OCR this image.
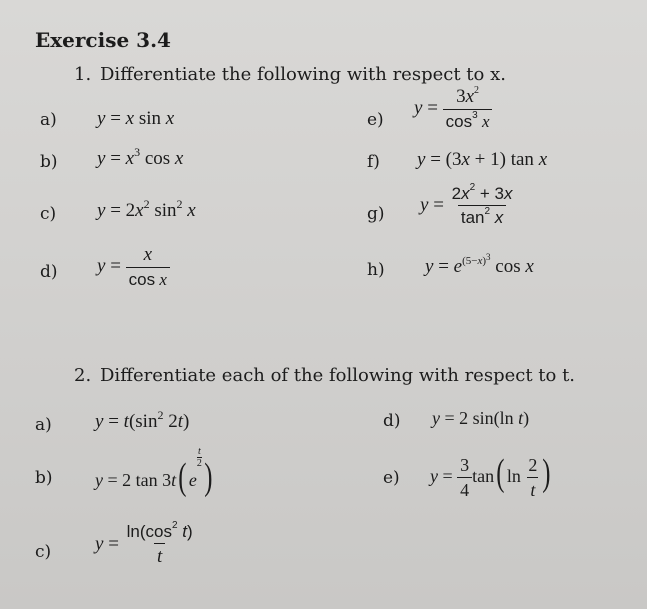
Exercise 3.4
1. Differentiate the following with respect to x.
a) y = x sin x
b) $y = x^3$ cos x
c) $y = 2x^2$ $\sin^2 x$
d) $y = \frac{x}{\text{cos x}}$
e)
$y = \frac{3x^2}{\cos^3 x}$
f) y = (3x + 1) tan x
g) $y = \frac{2x^2 + 3x}{\tan^2 x}$
h) $y = e^{(5-x)^3}$ cos x
2. Differentiate each of the following with respect to t.
a) $y = t(\sin^2$ 2t)
b) y = 2 tan 3t( e
$\frac{t}{2}$ )
c) $y = \frac{\ln(\cos^2 t)}{t}$
d) y = 2 sin(ln t)
e) $y = \frac{3}{4} \tan$( $\ln \frac{2}{t}$ )
